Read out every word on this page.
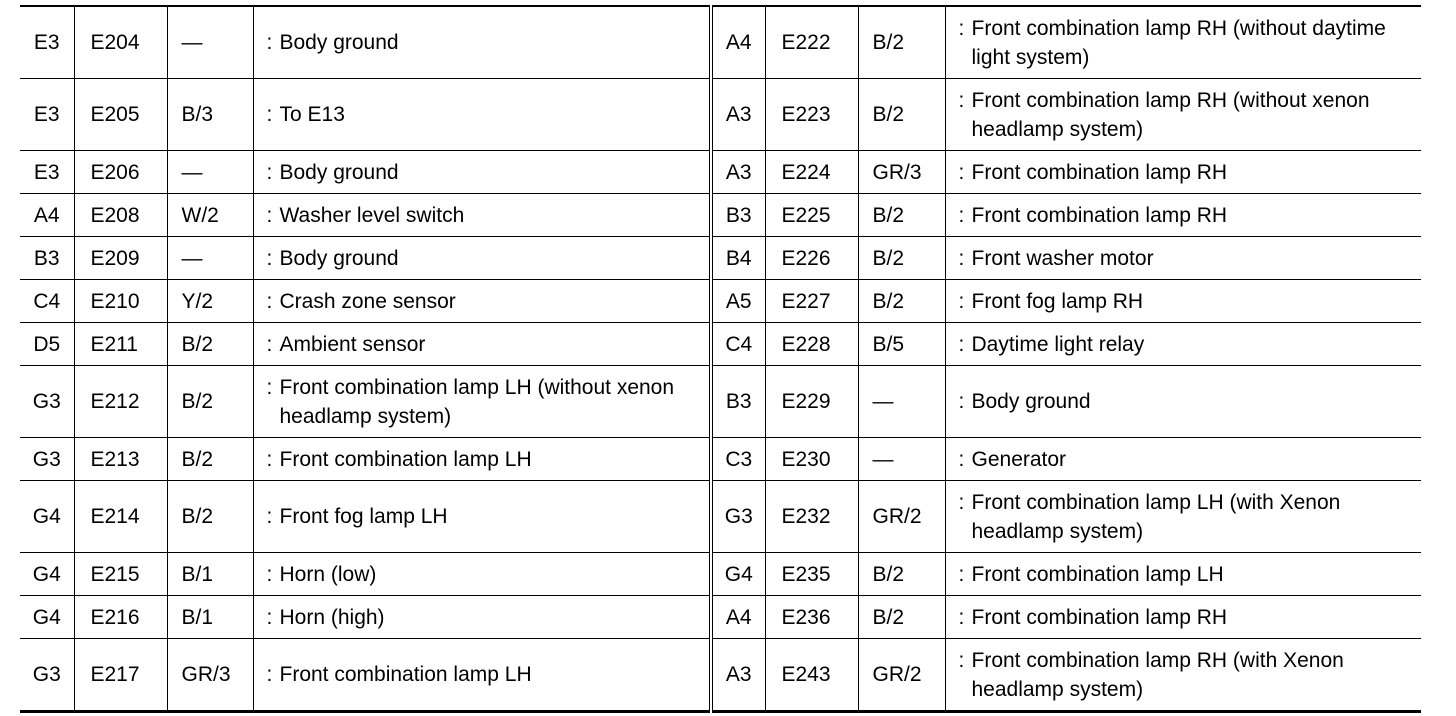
E3	E204	—	: Body ground	A4	E222	B/2	: Front combination lamp RH (without daytime light system)
E3	E205	B/3	: To E13	A3	E223	B/2	: Front combination lamp RH (without xenon headlamp system)
E3	E206	—	: Body ground	A3	E224	GR/3	: Front combination lamp RH
A4	E208	W/2	: Washer level switch	B3	E225	B/2	: Front combination lamp RH
B3	E209	—	: Body ground	B4	E226	B/2	: Front washer motor
C4	E210	Y/2	: Crash zone sensor	A5	E227	B/2	: Front fog lamp RH
D5	E211	B/2	: Ambient sensor	C4	E228	B/5	: Daytime light relay
G3	E212	B/2	: Front combination lamp LH (without xenon headlamp system)	B3	E229	—	: Body ground
G3	E213	B/2	: Front combination lamp LH	C3	E230	—	: Generator
G4	E214	B/2	: Front fog lamp LH	G3	E232	GR/2	: Front combination lamp LH (with Xenon headlamp system)
G4	E215	B/1	: Horn (low)	G4	E235	B/2	: Front combination lamp LH
G4	E216	B/1	: Horn (high)	A4	E236	B/2	: Front combination lamp RH
G3	E217	GR/3	: Front combination lamp LH	A3	E243	GR/2	: Front combination lamp RH (with Xenon headlamp system)
